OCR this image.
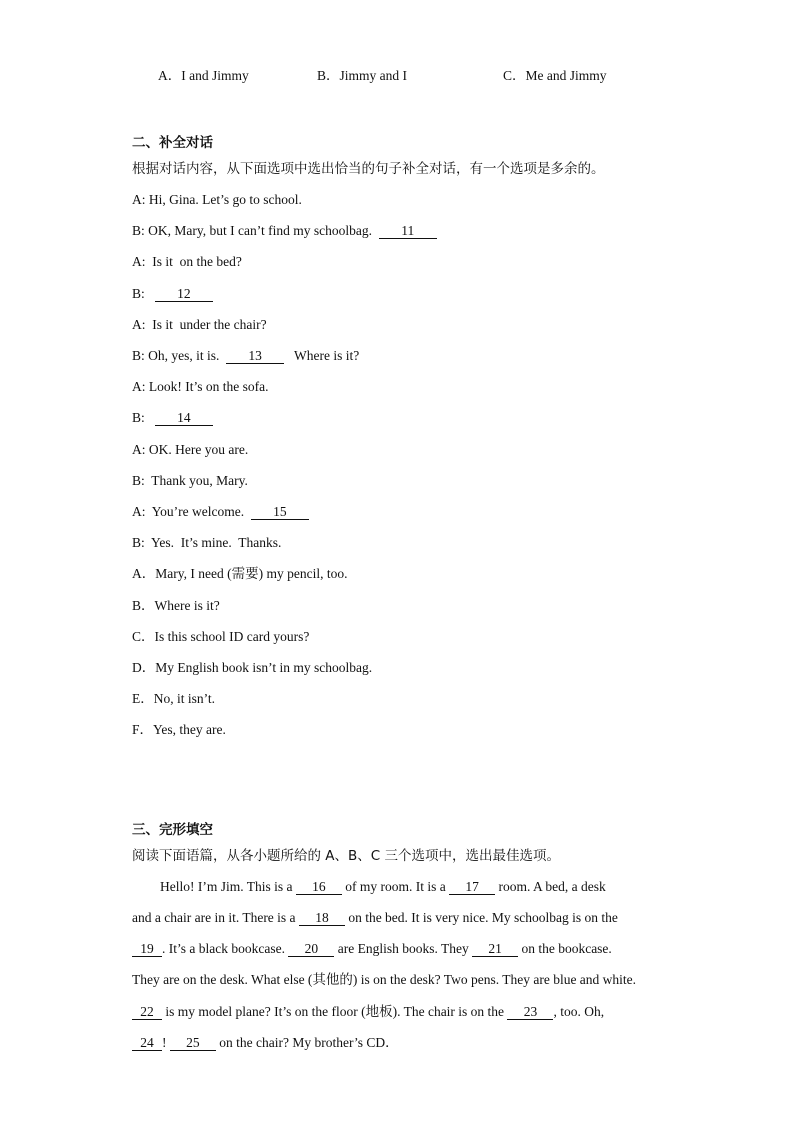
A．I and Jimmy	B．Jimmy and I	C．Me and Jimmy
二、补全对话
根据对话内容，从下面选项中选出恰当的句子补全对话，有一个选项是多余的。
A: Hi, Gina. Let’s go to school.
B: OK, Mary, but I can’t find my schoolbag.  11
A:  Is it  on the bed?
B: 12
A:  Is it  under the chair?
B: Oh, yes, it is.  13   Where is it?
A: Look! It’s on the sofa.
B: 14
A: OK. Here you are.
B:  Thank you, Mary.
A:  You’re welcome.  15
B:  Yes.  It’s mine.  Thanks.
A．Mary, I need (需要) my pencil, too.
B．Where is it?
C．Is this school ID card yours?
D．My English book isn’t in my schoolbag.
E．No, it isn’t.
F．Yes, they are.
三、完形填空
阅读下面语篇，从各小题所给的 A、B、C 三个选项中，选出最佳选项。
Hello! I’m Jim. This is a 16 of my room. It is a 17 room. A bed, a desk
and a chair are in it. There is a 18 on the bed. It is very nice. My schoolbag is on the
19 . It’s a black bookcase. 20 are English books. They 21 on the bookcase.
They are on the desk. What else (其他的) is on the desk? Two pens. They are blue and white.
22 is my model plane? It’s on the floor (地板). The chair is on the 23 , too. Oh,
24 ! 25 on the chair? My brother’s CD．
